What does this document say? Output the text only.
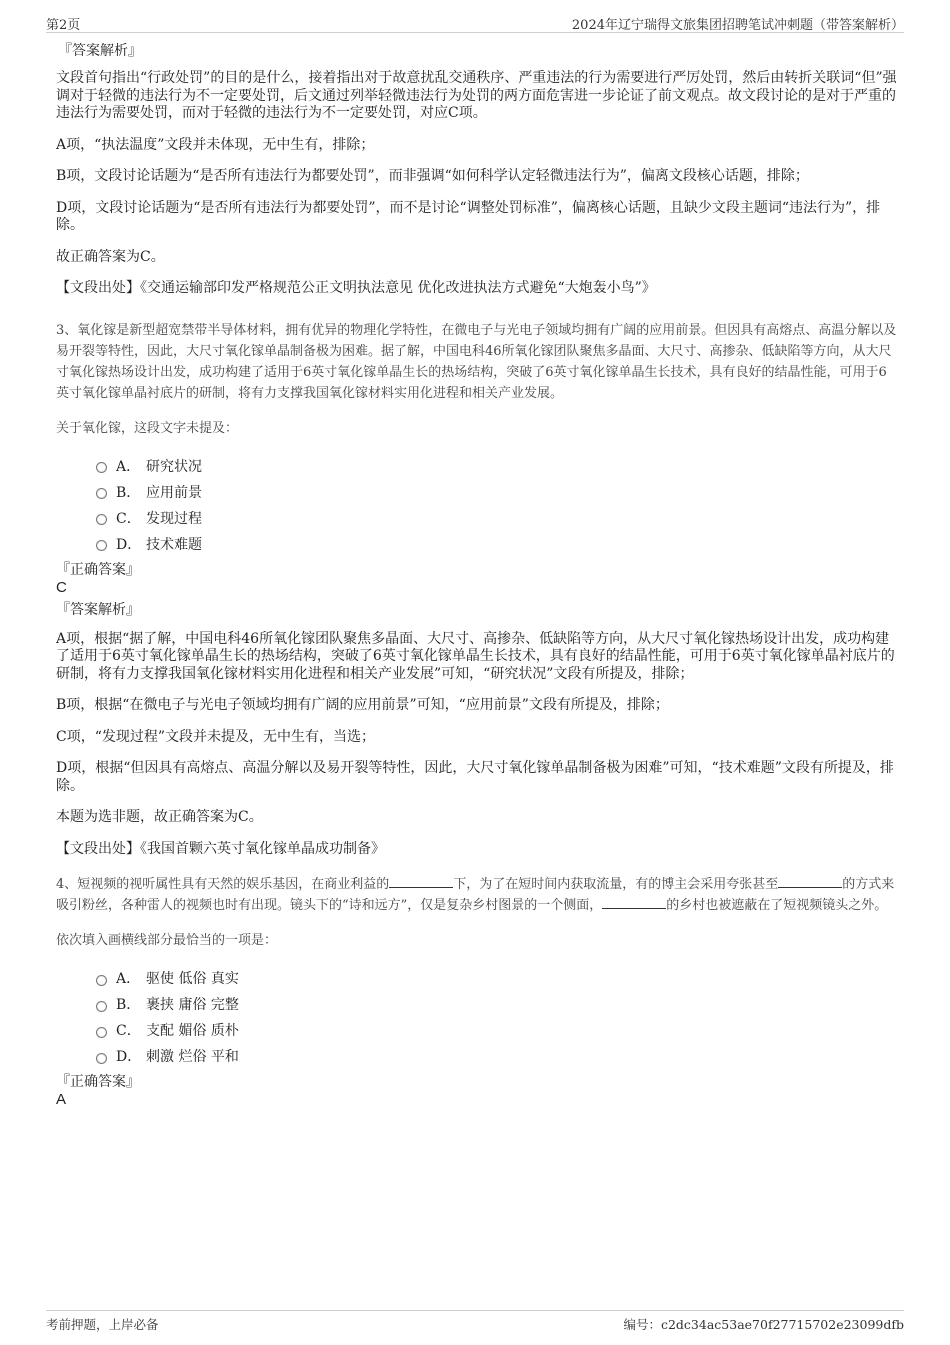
第2页	2024年辽宁瑞得文旅集团招聘笔试冲刺题（带答案解析）

『答案解析』

文段首句指出“行政处罚”的目的是什么，接着指出对于故意扰乱交通秩序、严重违法的行为需要进行严厉处罚，然后由转折关联词“但”强调对于轻微的违法行为不一定要处罚，后文通过列举轻微违法行为处罚的两方面危害进一步论证了前文观点。故文段讨论的是对于严重的违法行为需要处罚，而对于轻微的违法行为不一定要处罚，对应C项。

A项，“执法温度”文段并未体现，无中生有，排除；

B项，文段讨论话题为“是否所有违法行为都要处罚”，而非强调“如何科学认定轻微违法行为”，偏离文段核心话题，排除；

D项，文段讨论话题为“是否所有违法行为都要处罚”，而不是讨论“调整处罚标准”，偏离核心话题，且缺少文段主题词“违法行为”，排除。

故正确答案为C。

【文段出处】《交通运输部印发严格规范公正文明执法意见 优化改进执法方式避免“大炮轰小鸟”》

3、氧化镓是新型超宽禁带半导体材料，拥有优异的物理化学特性，在微电子与光电子领域均拥有广阔的应用前景。但因具有高熔点、高温分解以及易开裂等特性，因此，大尺寸氧化镓单晶制备极为困难。据了解，中国电科46所氧化镓团队聚焦多晶面、大尺寸、高掺杂、低缺陷等方向，从大尺寸氧化镓热场设计出发，成功构建了适用于6英寸氧化镓单晶生长的热场结构，突破了6英寸氧化镓单晶生长技术，具有良好的结晶性能，可用于6英寸氧化镓单晶衬底片的研制，将有力支撑我国氧化镓材料实用化进程和相关产业发展。

关于氧化镓，这段文字未提及：

A． 研究状况
B． 应用前景
C． 发现过程
D． 技术难题

『正确答案』

C

『答案解析』

A项，根据“据了解，中国电科46所氧化镓团队聚焦多晶面、大尺寸、高掺杂、低缺陷等方向，从大尺寸氧化镓热场设计出发，成功构建了适用于6英寸氧化镓单晶生长的热场结构，突破了6英寸氧化镓单晶生长技术，具有良好的结晶性能，可用于6英寸氧化镓单晶衬底片的研制，将有力支撑我国氧化镓材料实用化进程和相关产业发展”可知，“研究状况”文段有所提及，排除；

B项，根据“在微电子与光电子领域均拥有广阔的应用前景”可知，“应用前景”文段有所提及，排除；

C项，“发现过程”文段并未提及，无中生有，当选；

D项，根据“但因具有高熔点、高温分解以及易开裂等特性，因此，大尺寸氧化镓单晶制备极为困难”可知，“技术难题”文段有所提及，排除。

本题为选非题，故正确答案为C。

【文段出处】《我国首颗六英寸氧化镓单晶成功制备》

4、短视频的视听属性具有天然的娱乐基因，在商业利益的	下，为了在短时间内获取流量，有的博主会采用夸张甚至	的方式来吸引粉丝，各种雷人的视频也时有出现。镜头下的“诗和远方”，仅是复杂乡村图景的一个侧面，	的乡村也被遮蔽在了短视频镜头之外。

依次填入画横线部分最恰当的一项是：

A． 驱使 低俗 真实
B． 裹挟 庸俗 完整
C． 支配 媚俗 质朴
D． 刺激 烂俗 平和

『正确答案』

A

考前押题，上岸必备	编号：c2dc34ac53ae70f27715702e23099dfb
